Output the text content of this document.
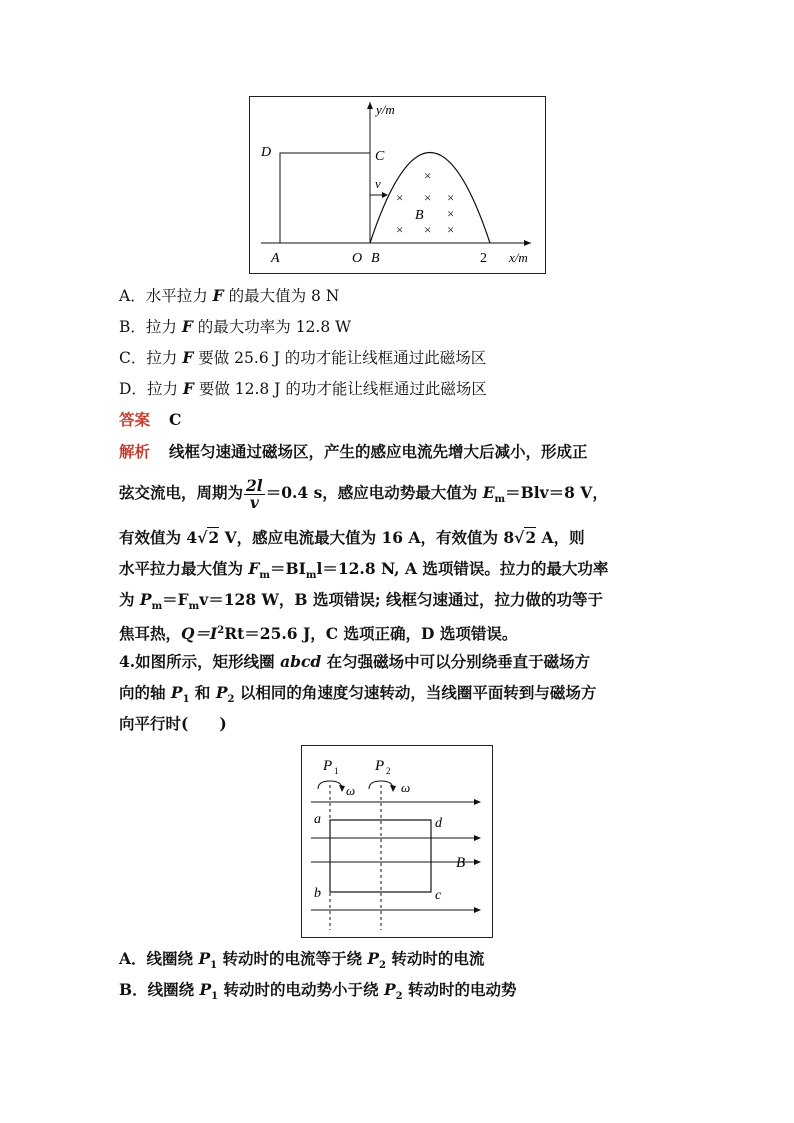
y/m
x/m
D	C
A	O B	2
v
B
×
× × ×
×
× × ×
A．水平拉力 F 的最大值为 8 N
B．拉力 F 的最大功率为 12.8 W
C．拉力 F 要做 25.6 J 的功才能让线框通过此磁场区
D．拉力 F 要做 12.8 J 的功才能让线框通过此磁场区
答案 C
解析 线框匀速通过磁场区，产生的感应电流先增大后减小，形成正
弦交流电，周期为 $\frac{2l}{v} =0.4$ s，感应电动势最大值为 $E_m=Blv=8$ V，
有效值为 4√2 V，感应电流最大值为 16 A，有效值为 8√2 A，则
水平拉力最大值为 $F_m=BI_ml=12.8$ N, A 选项错误。拉力的最大功率
为 $P_m=F_mv=128$ W，B 选项错误; 线框匀速通过，拉力做的功等于
焦耳热，$Q=I^2Rt=25.6$ J，C 选项正确，D 选项错误。
4.如图所示，矩形线圈 abcd 在匀强磁场中可以分别绕垂直于磁场方
向的轴 $P_1$ 和 $P_2$ 以相同的角速度匀速转动，当线圈平面转到与磁场方
向平行时(　　)
P 1 P 2
ω	ω
a	d
B
b	c
A．线圈绕 $P_1$ 转动时的电流等于绕 $P_2$ 转动时的电流
B．线圈绕 $P_1$ 转动时的电动势小于绕 $P_2$ 转动时的电动势
